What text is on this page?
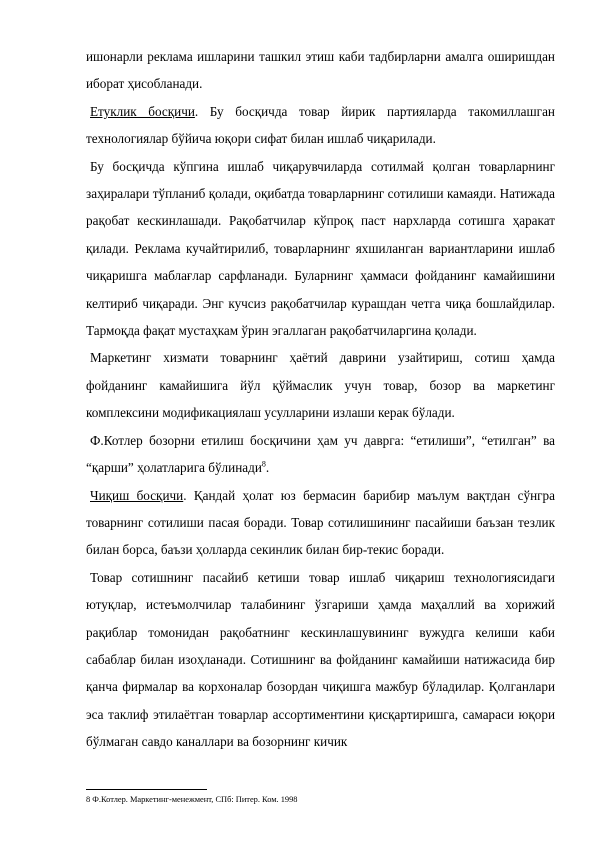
ишонарли реклама ишларини ташкил этиш каби тадбирларни амалга оширишдан иборат ҳисобланади.

Етуклик босқичи. Бу босқичда товар йирик партияларда такомиллашган технологиялар бўйича юқори сифат билан ишлаб чиқарилади.

Бу босқичда кўпгина ишлаб чиқарувчиларда сотилмай қолган товарларнинг заҳиралари тўпланиб қолади, оқибатда товарларнинг сотилиши камаяди. Натижада рақобат кескинлашади. Рақобатчилар кўпроқ паст нархларда сотишга ҳаракат қилади. Реклама кучайтирилиб, товарларнинг яхшиланган вариантларини ишлаб чиқаришга маблағлар сарфланади. Буларнинг ҳаммаси фойданинг камайишини келтириб чиқаради. Энг кучсиз рақобатчилар курашдан четга чиқа бошлайдилар. Тармоқда фақат мустаҳкам ўрин эгаллаган рақобатчиларгина қолади.

Маркетинг хизмати товарнинг ҳаётий даврини узайтириш, сотиш ҳамда фойданинг камайишига йўл қўймаслик учун товар, бозор ва маркетинг комплексини модификациялаш усулларини излаши керак бўлади.

Ф.Котлер бозорни етилиш босқичини ҳам уч даврга: “етилиши”, “етилган” ва “қарши” ҳолатларига бўлинади$^8$.

Чиқиш босқичи. Қандай ҳолат юз бермасин барибир маълум вақтдан сўнгра товарнинг сотилиши пасая боради. Товар сотилишининг пасайиши баъзан тезлик билан борса, баъзи ҳолларда секинлик билан бир-текис боради.

Товар сотишнинг пасайиб кетиши товар ишлаб чиқариш технологиясидаги ютуқлар, истеъмолчилар талабининг ўзгариши ҳамда маҳаллий ва хорижий рақиблар томонидан рақобатнинг кескинлашувининг вужудга келиши каби сабаблар билан изоҳланади. Сотишнинг ва фойданинг камайиши натижасида бир қанча фирмалар ва корхоналар бозордан чиқишга мажбур бўладилар. Қолганлари эса таклиф этилаётган товарлар ассортиментини қисқартиришга, самараси юқори бўлмаган савдо каналлари ва бозорнинг кичик

8 Ф.Котлер. Маркетинг-менежмент, СПб: Питер. Ком. 1998
